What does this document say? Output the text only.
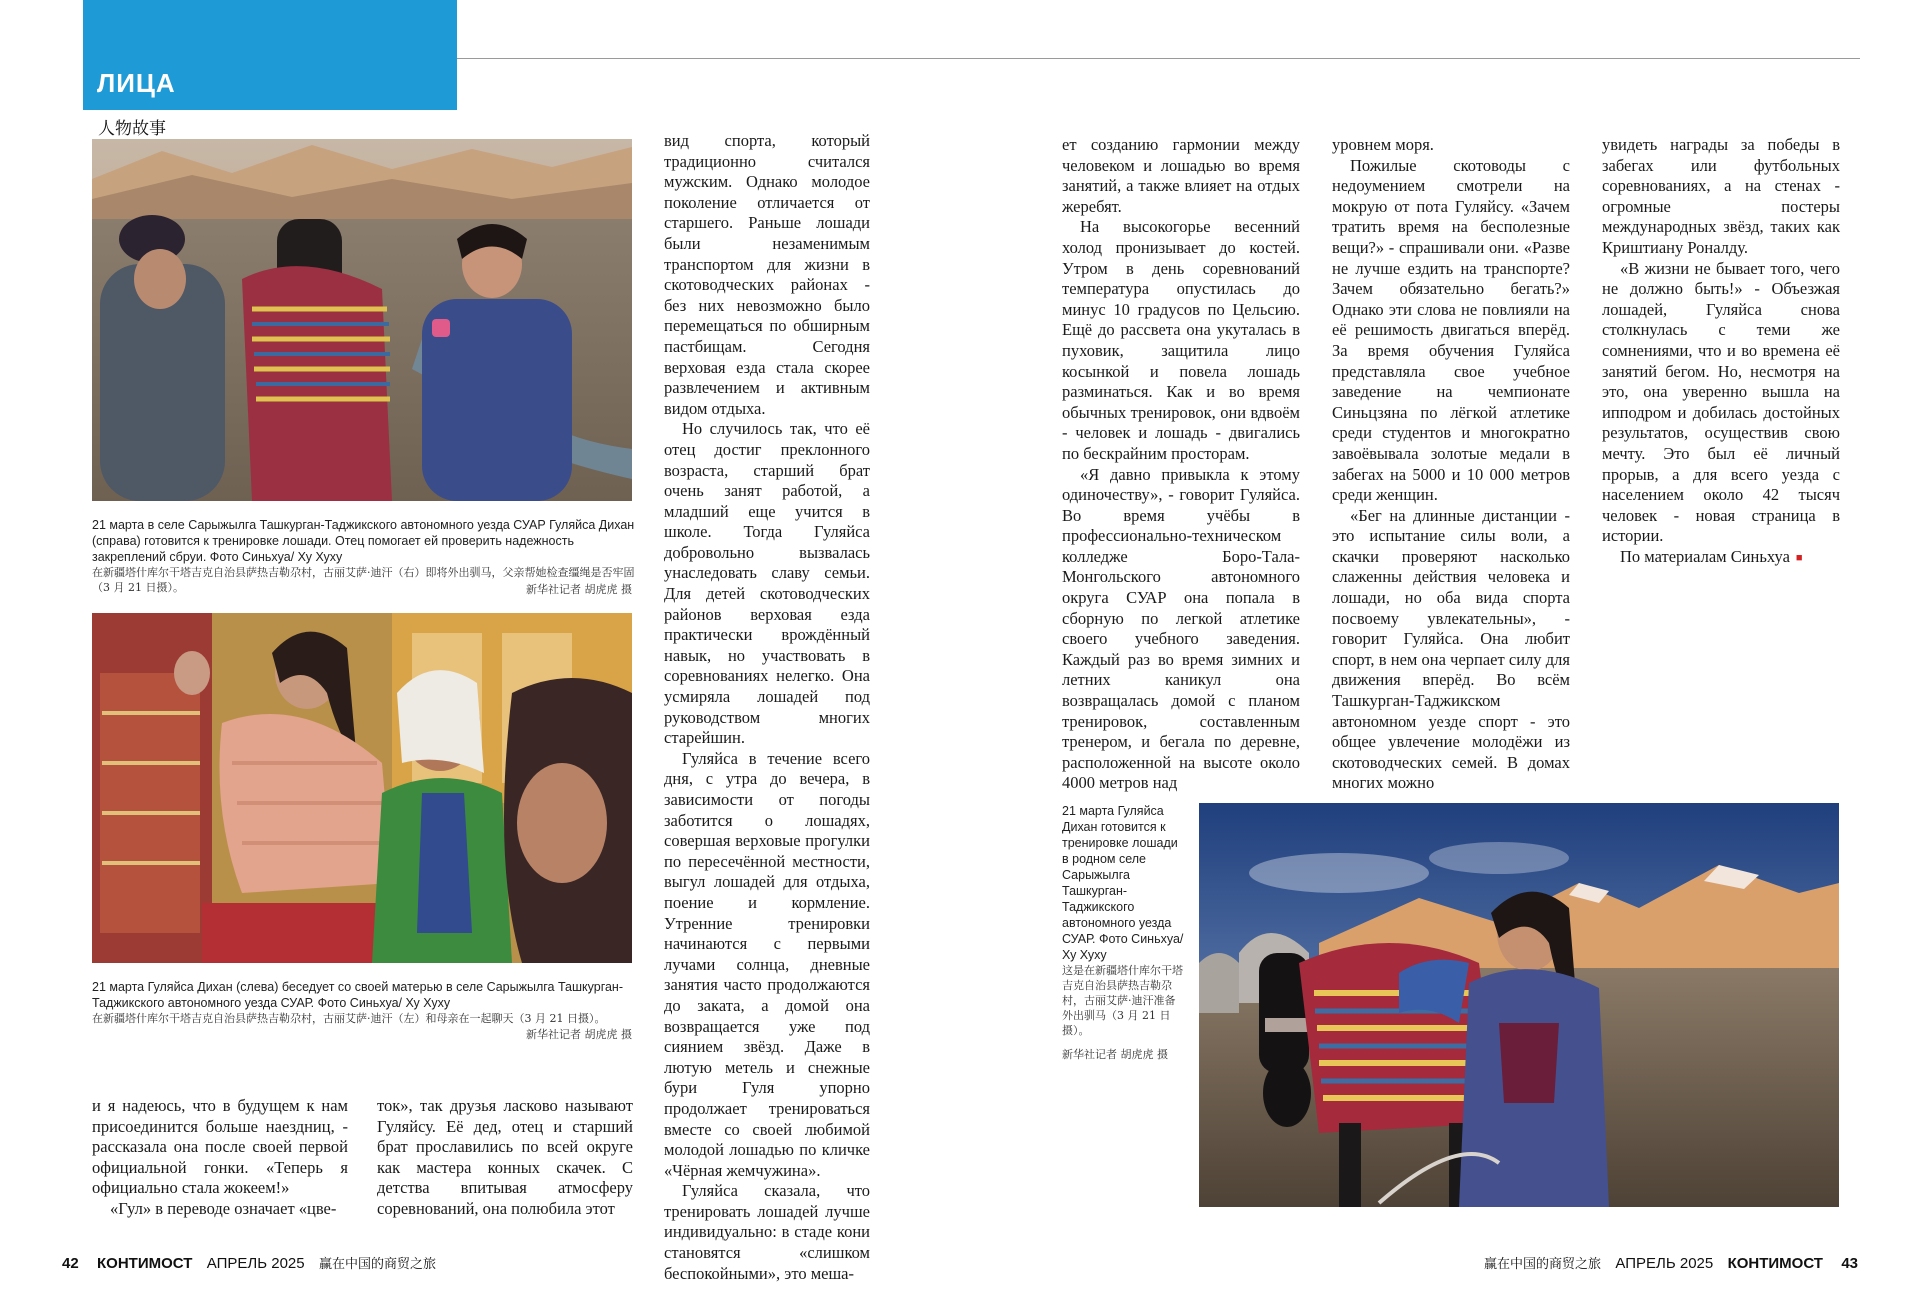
ЛИЦА
人物故事
21 марта в селе Сарыжылга Ташкурган-Таджикского автономного уезда СУАР Гуляйса Дихан (справа) готовится к тренировке лошади. Отец помогает ей проверить надежность закреплений сбруи. Фото Синьхуа/ Ху Хуху
在新疆塔什库尔干塔吉克自治县萨热吉勒尕村，古丽艾萨·迪汗（右）即将外出驯马，父亲帮她检查缰绳是否牢固（3 月 21 日摄）。	新华社记者 胡虎虎 摄
21 марта Гуляйса Дихан (слева) беседует со своей матерью в селе Сарыжылга Ташкурган-Таджикского автономного уезда СУАР. Фото Синьхуа/ Ху Хуху
在新疆塔什库尔干塔吉克自治县萨热吉勒尕村，古丽艾萨·迪汗（左）和母亲在一起聊天（3 月 21 日摄）。
新华社记者 胡虎虎 摄

вид спорта, который традиционно считался мужским. Однако молодое поколение отличается от старшего. Раньше лошади были незаменимым транспортом для жизни в скотоводческих районах - без них невозможно было перемещаться по обширным пастбищам. Сегодня верховая езда стала скорее развлечением и активным видом отдыха.

Но случилось так, что её отец достиг преклонного возраста, старший брат очень занят работой, а младший еще учится в школе. Тогда Гуляйса добровольно вызвалась унаследовать славу семьи. Для детей скотоводческих районов верховая езда практически врождённый навык, но участвовать в соревнованиях нелегко. Она усмиряла лошадей под руководством многих старейшин.

Гуляйса в течение всего дня, с утра до вечера, в зависимости от погоды заботится о лошадях, совершая верховые прогулки по пересечённой местности, выгул лошадей для отдыха, поение и кормление. Утренние тренировки начинаются с первыми лучами солнца, дневные занятия часто продолжаются до заката, а домой она возвращается уже под сиянием звёзд. Даже в лютую метель и снежные бури Гуля упорно продолжает тренироваться вместе со своей любимой молодой лошадью по кличке «Чёрная жемчужина».

Гуляйса сказала, что тренировать лошадей лучше индивидуально: в стаде кони становятся «слишком беспокойными», это меша-

и я надеюсь, что в будущем к нам присоединится больше наездниц, - рассказала она после своей первой официальной гонки. «Теперь я официально стала жокеем!»

«Гул» в переводе означает «цве-

ток», так друзья ласково называют Гуляйсу. Её дед, отец и старший брат прославились по всей округе как мастера конных скачек. С детства впитывая атмосферу соревнований, она полюбила этот

ет созданию гармонии между человеком и лошадью во время занятий, а также влияет на отдых жеребят.

На высокогорье весенний холод пронизывает до костей. Утром в день соревнований температура опустилась до минус 10 градусов по Цельсию. Ещё до рассвета она укуталась в пуховик, защитила лицо косынкой и повела лошадь разминаться. Как и во время обычных тренировок, они вдвоём - человек и лошадь - двигались по бескрайним просторам.

«Я давно привыкла к этому одиночеству», - говорит Гуляйса. Во время учёбы в профессионально-техническом колледже Боро-Тала-Монгольского автономного округа СУАР она попала в сборную по легкой атлетике своего учебного заведения. Каждый раз во время зимних и летних каникул она возвращалась домой с планом тренировок, составленным тренером, и бегала по деревне, расположенной на высоте около 4000 метров над

уровнем моря.

Пожилые скотоводы с недоумением смотрели на мокрую от пота Гуляйсу. «Зачем тратить время на бесполезные вещи?» - спрашивали они. «Разве не лучше ездить на транспорте? Зачем обязательно бегать?» Однако эти слова не повлияли на её решимость двигаться вперёд. За время обучения Гуляйса представляла свое учебное заведение на чемпионате Синьцзяна по лёгкой атлетике среди студентов и многократно завоёвывала золотые медали в забегах на 5000 и 10 000 метров среди женщин.

«Бег на длинные дистанции - это испытание силы воли, а скачки проверяют насколько слаженны действия человека и лошади, но оба вида спорта посвоему увлекательны», - говорит Гуляйса. Она любит спорт, в нем она черпает силу для движения вперёд. Во всём Ташкурган-Таджикском автономном уезде спорт - это общее увлечение молодёжи из скотоводческих семей. В домах многих можно

увидеть награды за победы в забегах или футбольных соревнованиях, а на стенах - огромные постеры международных звёзд, таких как Криштиану Роналду.

«В жизни не бывает того, чего не должно быть!» - Объезжая лошадей, Гуляйса снова столкнулась с теми же сомнениями, что и во времена её занятий бегом. Но, несмотря на это, она уверенно вышла на ипподром и добилась достойных результатов, осуществив свою мечту. Это был её личный прорыв, а для всего уезда с населением около 42 тысяч человек - новая страница в истории.

По материалам Синьхуа ■

21 марта Гуляйса Дихан готовится к тренировке лошади в родном селе Сарыжылга Ташкурган-Таджикского автономного уезда СУАР. Фото Синьхуа/ Ху Хуху
这是在新疆塔什库尔干塔吉克自治县萨热吉勒尕村，古丽艾萨·迪汗准备外出驯马（3 月 21 日摄）。
新华社记者 胡虎虎 摄
42 КОНТИМОСТ АПРЕЛЬ 2025 赢在中国的商贸之旅	赢在中国的商贸之旅 АПРЕЛЬ 2025 КОНТИМОСТ 43
